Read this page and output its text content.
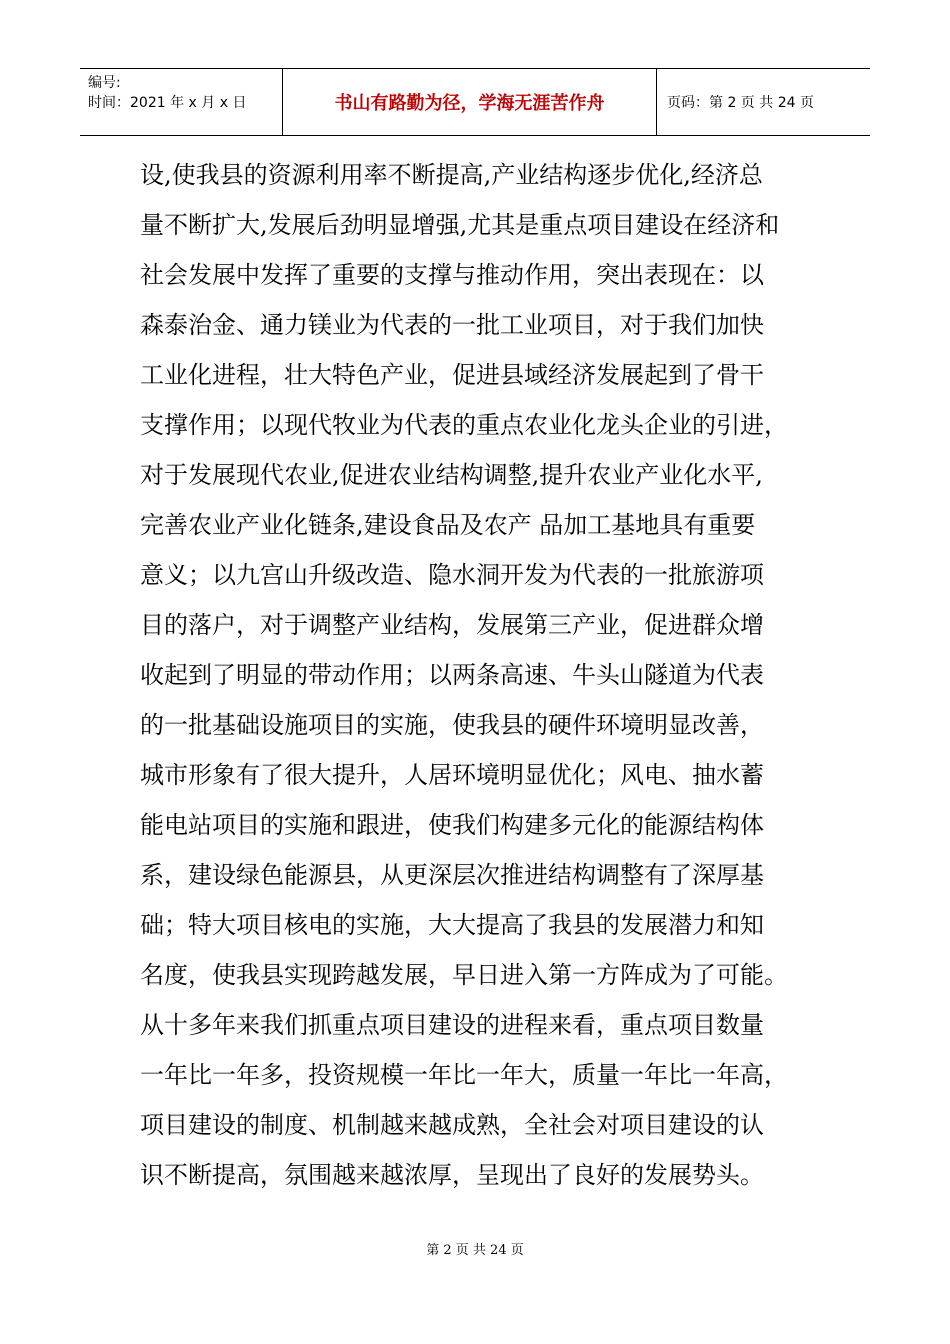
编号:
时间：2021 年 x 月 x 日	书山有路勤为径，学海无涯苦作舟	页码：第 2 页 共 24 页
设,使我县的资源利用率不断提高,产业结构逐步优化,经济总
量不断扩大,发展后劲明显增强,尤其是重点项目建设在经济和
社会发展中发挥了重要的支撑与推动作用，突出表现在：以
森泰治金、通力镁业为代表的一批工业项目，对于我们加快
工业化进程，壮大特色产业，促进县域经济发展起到了骨干
支撑作用；以现代牧业为代表的重点农业化龙头企业的引进，
对于发展现代农业,促进农业结构调整,提升农业产业化水平,
完善农业产业化链条,建设食品及农产 品加工基地具有重要
意义；以九宫山升级改造、隐水洞开发为代表的一批旅游项
目的落户，对于调整产业结构，发展第三产业，促进群众增
收起到了明显的带动作用；以两条高速、牛头山隧道为代表
的一批基础设施项目的实施，使我县的硬件环境明显改善，
城市形象有了很大提升，人居环境明显优化；风电、抽水蓄
能电站项目的实施和跟进，使我们构建多元化的能源结构体
系，建设绿色能源县，从更深层次推进结构调整有了深厚基
础；特大项目核电的实施，大大提高了我县的发展潜力和知
名度，使我县实现跨越发展，早日进入第一方阵成为了可能。
从十多年来我们抓重点项目建设的进程来看，重点项目数量
一年比一年多，投资规模一年比一年大，质量一年比一年高，
项目建设的制度、机制越来越成熟，全社会对项目建设的认
识不断提高，氛围越来越浓厚，呈现出了良好的发展势头。
第 2 页 共 24 页
